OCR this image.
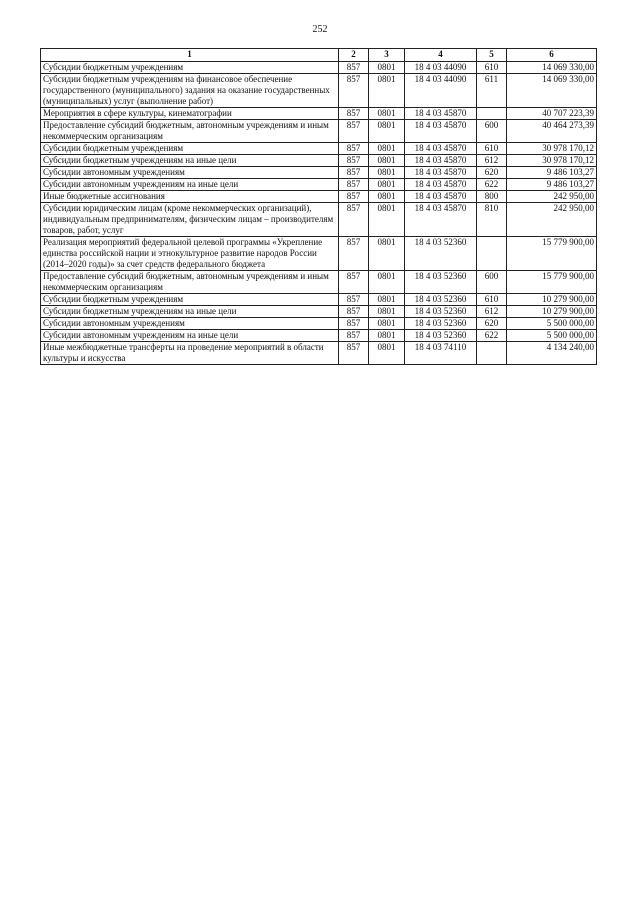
252
1	2	3	4	5	6
Субсидии бюджетным учреждениям	857	0801	18 4 03 44090	610	14 069 330,00
Субсидии бюджетным учреждениям на финансовое обеспечение государственного (муниципального) задания на оказание государственных (муниципальных) услуг (выполнение работ)	857	0801	18 4 03 44090	611	14 069 330,00
Мероприятия в сфере культуры, кинематографии	857	0801	18 4 03 45870		40 707 223,39
Предоставление субсидий бюджетным, автономным учреждениям и иным некоммерческим организациям	857	0801	18 4 03 45870	600	40 464 273,39
Субсидии бюджетным учреждениям	857	0801	18 4 03 45870	610	30 978 170,12
Субсидии бюджетным учреждениям на иные цели	857	0801	18 4 03 45870	612	30 978 170,12
Субсидии автономным учреждениям	857	0801	18 4 03 45870	620	9 486 103,27
Субсидии автономным учреждениям на иные цели	857	0801	18 4 03 45870	622	9 486 103,27
Иные бюджетные ассигнования	857	0801	18 4 03 45870	800	242 950,00
Субсидии юридическим лицам (кроме некоммерческих организаций), индивидуальным предпринимателям, физическим лицам – производителям товаров, работ, услуг	857	0801	18 4 03 45870	810	242 950,00
Реализация мероприятий федеральной целевой программы «Укрепление единства российской нации и этнокультурное развитие народов России (2014–2020 годы)» за счет средств федерального бюджета	857	0801	18 4 03 52360		15 779 900,00
Предоставление субсидий бюджетным, автономным учреждениям и иным некоммерческим организациям	857	0801	18 4 03 52360	600	15 779 900,00
Субсидии бюджетным учреждениям	857	0801	18 4 03 52360	610	10 279 900,00
Субсидии бюджетным учреждениям на иные цели	857	0801	18 4 03 52360	612	10 279 900,00
Субсидии автономным учреждениям	857	0801	18 4 03 52360	620	5 500 000,00
Субсидии автономным учреждениям на иные цели	857	0801	18 4 03 52360	622	5 500 000,00
Иные межбюджетные трансферты на проведение мероприятий в области культуры и искусства	857	0801	18 4 03 74110		4 134 240,00
